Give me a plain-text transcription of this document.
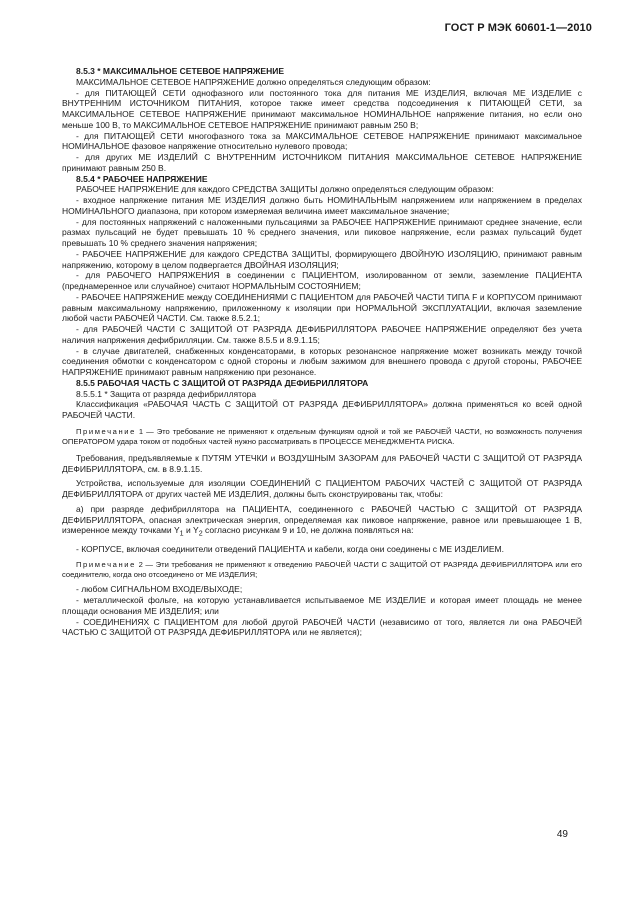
ГОСТ Р МЭК 60601-1—2010
8.5.3 * МАКСИМАЛЬНОЕ СЕТЕВОЕ НАПРЯЖЕНИЕ

МАКСИМАЛЬНОЕ СЕТЕВОЕ НАПРЯЖЕНИЕ должно определяться следующим образом:

- для ПИТАЮЩЕЙ СЕТИ однофазного или постоянного тока для питания МЕ ИЗДЕЛИЯ, включая МЕ ИЗДЕЛИЕ с ВНУТРЕННИМ ИСТОЧНИКОМ ПИТАНИЯ, которое также имеет средства подсоединения к ПИТАЮЩЕЙ СЕТИ, за МАКСИМАЛЬНОЕ СЕТЕВОЕ НАПРЯЖЕНИЕ принимают максимальное НОМИНАЛЬНОЕ напряжение питания, но если оно меньше 100 В, то МАКСИМАЛЬНОЕ СЕТЕВОЕ НАПРЯЖЕНИЕ принимают равным 250 В;

- для ПИТАЮЩЕЙ СЕТИ многофазного тока за МАКСИМАЛЬНОЕ СЕТЕВОЕ НАПРЯЖЕНИЕ принимают максимальное НОМИНАЛЬНОЕ фазовое напряжение относительно нулевого провода;

- для других МЕ ИЗДЕЛИЙ С ВНУТРЕННИМ ИСТОЧНИКОМ ПИТАНИЯ МАКСИМАЛЬНОЕ СЕТЕВОЕ НАПРЯЖЕНИЕ принимают равным 250 В.

8.5.4 * РАБОЧЕЕ НАПРЯЖЕНИЕ

РАБОЧЕЕ НАПРЯЖЕНИЕ для каждого СРЕДСТВА ЗАЩИТЫ должно определяться следующим образом:

- входное напряжение питания МЕ ИЗДЕЛИЯ должно быть НОМИНАЛЬНЫМ напряжением или напряжением в пределах НОМИНАЛЬНОГО диапазона, при котором измеряемая величина имеет максимальное значение;

- для постоянных напряжений с наложенными пульсациями за РАБОЧЕЕ НАПРЯЖЕНИЕ принимают среднее значение, если размах пульсаций не будет превышать 10 % среднего значения, или пиковое напряжение, если размах пульсаций будет превышать 10 % среднего значения напряжения;

- РАБОЧЕЕ НАПРЯЖЕНИЕ для каждого СРЕДСТВА ЗАЩИТЫ, формирующего ДВОЙНУЮ ИЗОЛЯЦИЮ, принимают равным напряжению, которому в целом подвергается ДВОЙНАЯ ИЗОЛЯЦИЯ;

- для РАБОЧЕГО НАПРЯЖЕНИЯ в соединении с ПАЦИЕНТОМ, изолированном от земли, заземление ПАЦИЕНТА (преднамеренное или случайное) считают НОРМАЛЬНЫМ СОСТОЯНИЕМ;

- РАБОЧЕЕ НАПРЯЖЕНИЕ между СОЕДИНЕНИЯМИ С ПАЦИЕНТОМ для РАБОЧЕЙ ЧАСТИ ТИПА F и КОРПУСОМ принимают равным максимальному напряжению, приложенному к изоляции при НОРМАЛЬНОЙ ЭКСПЛУАТАЦИИ, включая заземление любой части РАБОЧЕЙ ЧАСТИ. См. также 8.5.2.1;

- для РАБОЧЕЙ ЧАСТИ С ЗАЩИТОЙ ОТ РАЗРЯДА ДЕФИБРИЛЛЯТОРА РАБОЧЕЕ НАПРЯЖЕНИЕ определяют без учета наличия напряжения дефибрилляции. См. также 8.5.5 и 8.9.1.15;

- в случае двигателей, снабженных конденсаторами, в которых резонансное напряжение может возникать между точкой соединения обмотки с конденсатором с одной стороны и любым зажимом для внешнего провода с другой стороны, РАБОЧЕЕ НАПРЯЖЕНИЕ принимают равным напряжению при резонансе.

8.5.5 РАБОЧАЯ ЧАСТЬ С ЗАЩИТОЙ ОТ РАЗРЯДА ДЕФИБРИЛЛЯТОРА

8.5.5.1 * Защита от разряда дефибриллятора

Классификация «РАБОЧАЯ ЧАСТЬ С ЗАЩИТОЙ ОТ РАЗРЯДА ДЕФИБРИЛЛЯТОРА» должна применяться ко всей одной РАБОЧЕЙ ЧАСТИ.

Примечание 1 — Это требование не применяют к отдельным функциям одной и той же РАБОЧЕЙ ЧАСТИ, но возможность получения ОПЕРАТОРОМ удара током от подобных частей нужно рассматривать в ПРОЦЕССЕ МЕНЕДЖМЕНТА РИСКА.

Требования, предъявляемые к ПУТЯМ УТЕЧКИ и ВОЗДУШНЫМ ЗАЗОРАМ для РАБОЧЕЙ ЧАСТИ С ЗАЩИТОЙ ОТ РАЗРЯДА ДЕФИБРИЛЛЯТОРА, см. в 8.9.1.15.

Устройства, используемые для изоляции СОЕДИНЕНИЙ С ПАЦИЕНТОМ РАБОЧИХ ЧАСТЕЙ С ЗАЩИТОЙ ОТ РАЗРЯДА ДЕФИБРИЛЛЯТОРА от других частей МЕ ИЗДЕЛИЯ, должны быть сконструированы так, чтобы:

а) при разряде дефибриллятора на ПАЦИЕНТА, соединенного с РАБОЧЕЙ ЧАСТЬЮ С ЗАЩИТОЙ ОТ РАЗРЯДА ДЕФИБРИЛЛЯТОРА, опасная электрическая энергия, определяемая как пиковое напряжение, равное или превышающее 1 В, измеренное между точками $Y_1$ и $Y_2$ согласно рисункам 9 и 10, не должна появляться на:

- КОРПУСЕ, включая соединители отведений ПАЦИЕНТА и кабели, когда они соединены с МЕ ИЗДЕЛИЕМ.

Примечание 2 — Эти требования не применяют к отведению РАБОЧЕЙ ЧАСТИ С ЗАЩИТОЙ ОТ РАЗРЯДА ДЕФИБРИЛЛЯТОРА или его соединителю, когда оно отсоединено от МЕ ИЗДЕЛИЯ;

- любом СИГНАЛЬНОМ ВХОДЕ/ВЫХОДЕ;

- металлической фольге, на которую устанавливается испытываемое МЕ ИЗДЕЛИЕ и которая имеет площадь не менее площади основания МЕ ИЗДЕЛИЯ; или

- СОЕДИНЕНИЯХ С ПАЦИЕНТОМ для любой другой РАБОЧЕЙ ЧАСТИ (независимо от того, является ли она РАБОЧЕЙ ЧАСТЬЮ С ЗАЩИТОЙ ОТ РАЗРЯДА ДЕФИБРИЛЛЯТОРА или не является);

49
